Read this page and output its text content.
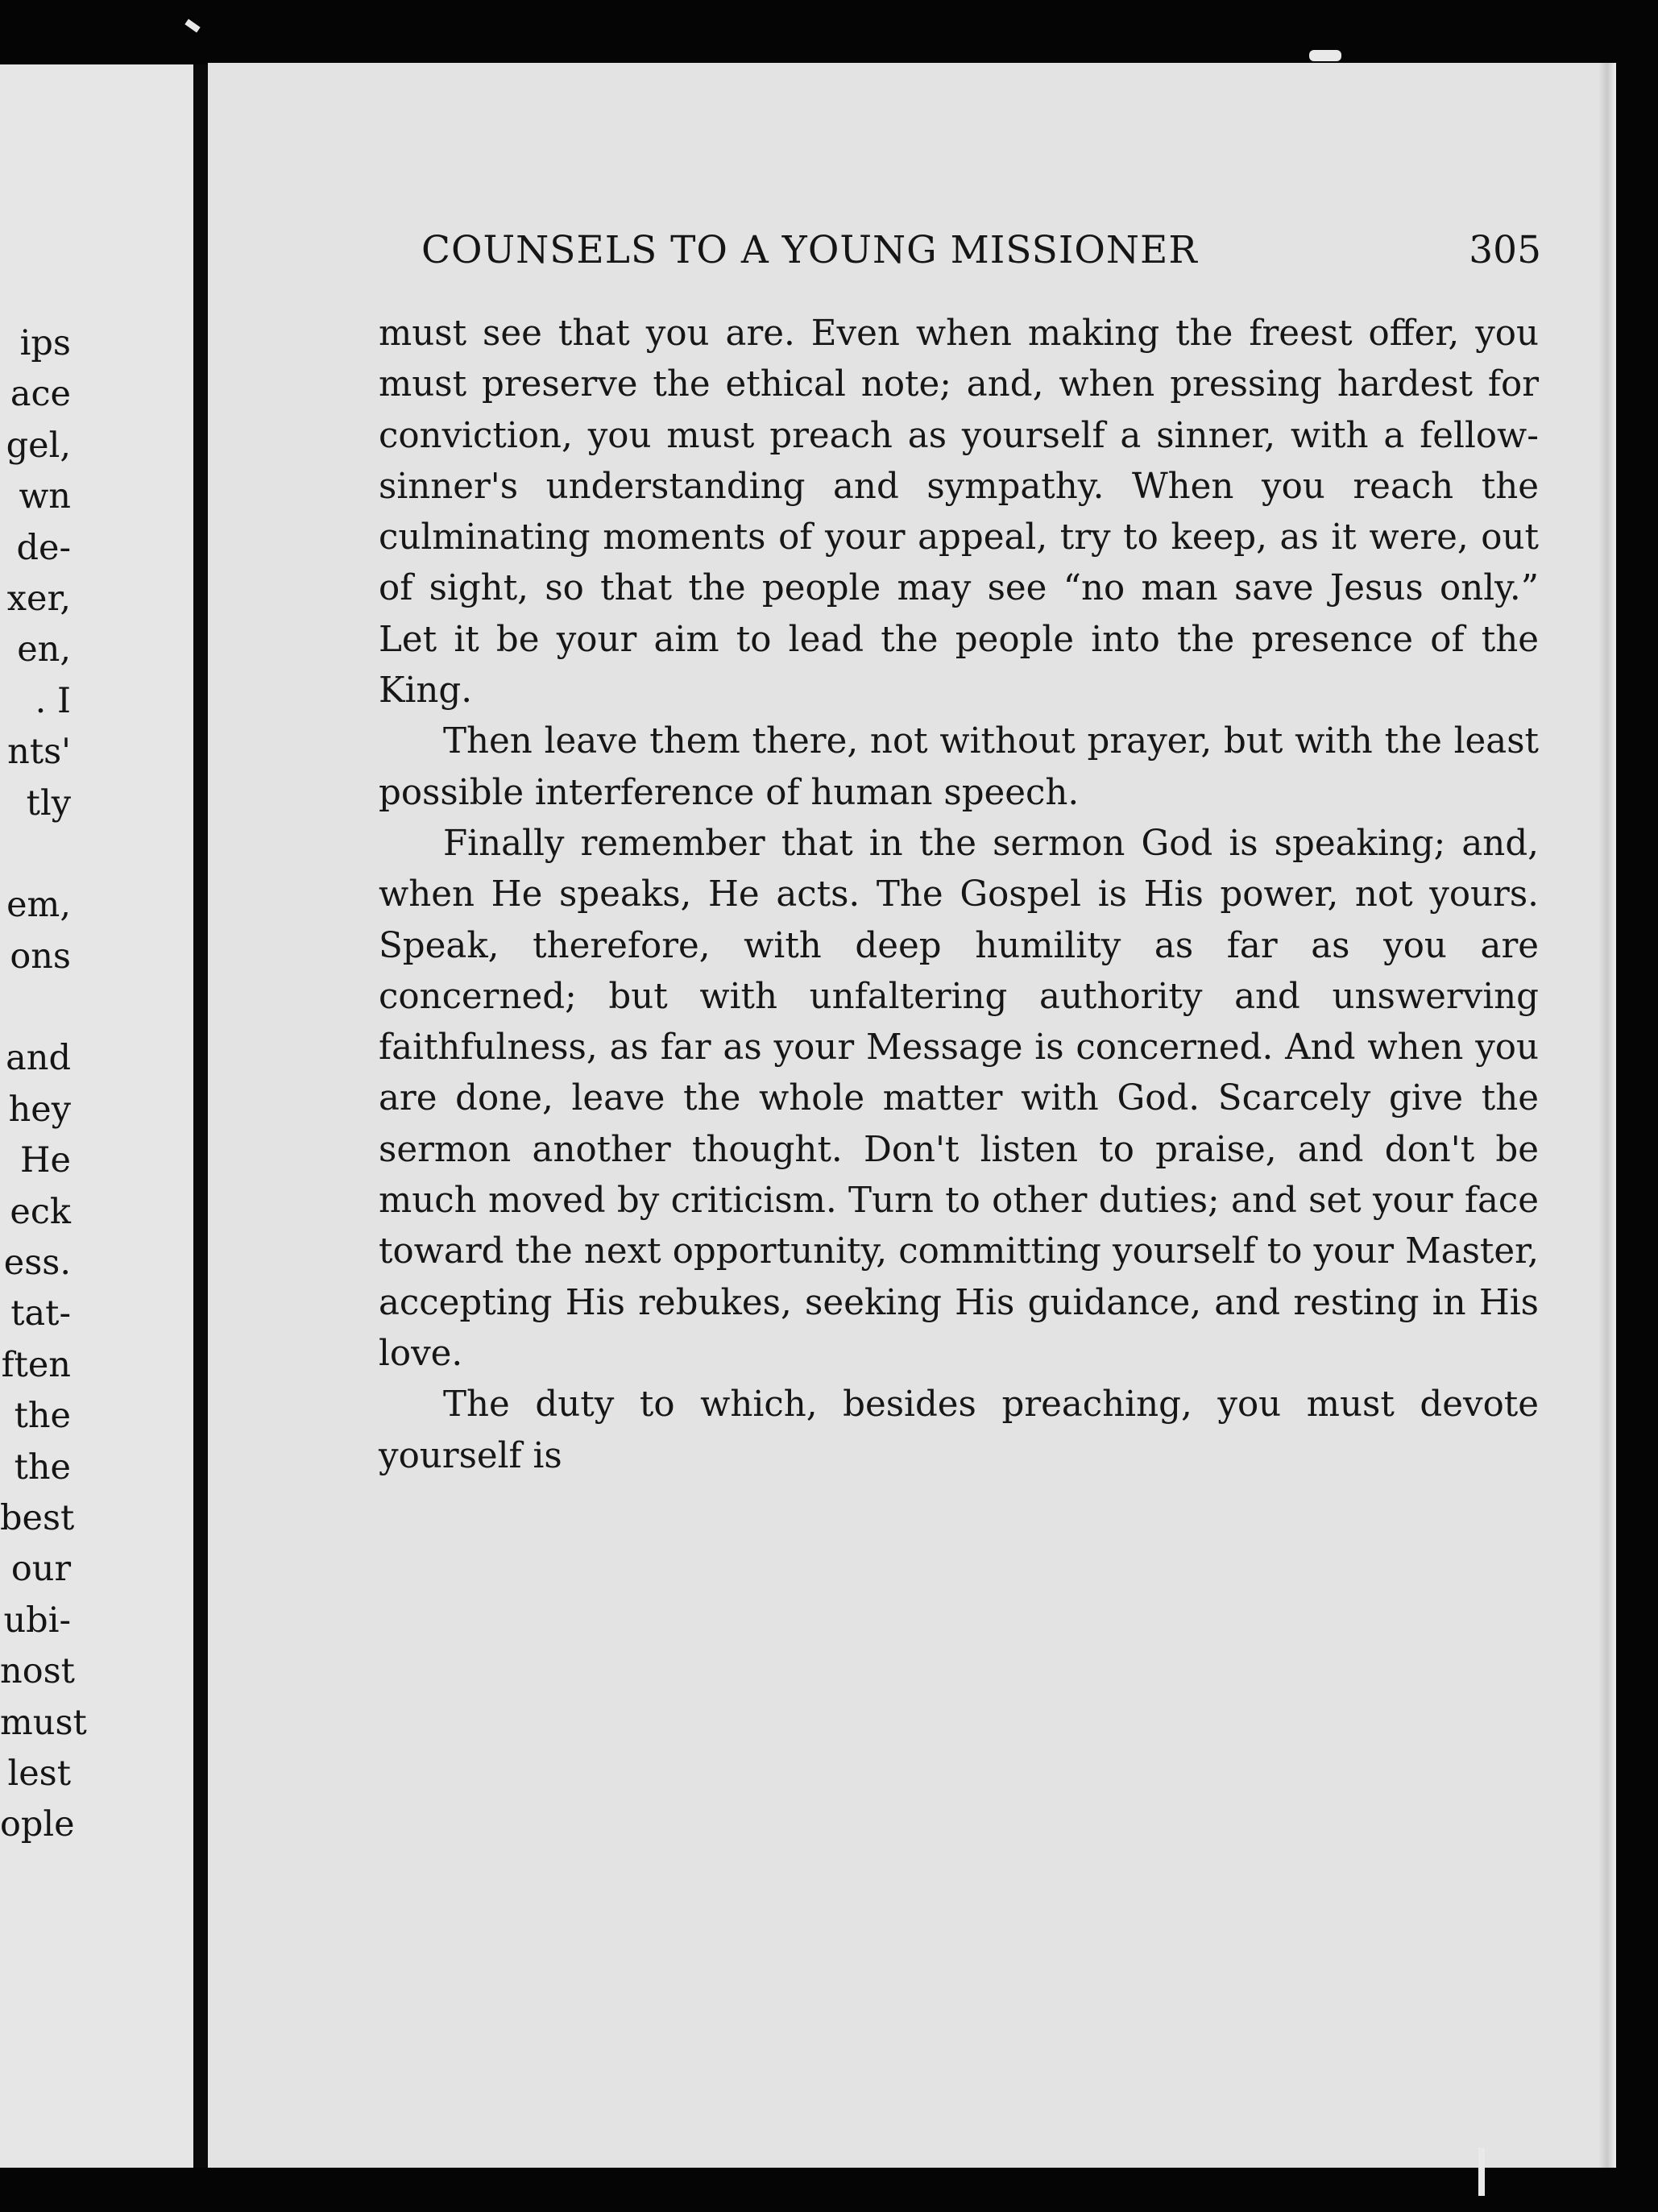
ips
ace
gel,
wn
de-
xer,
en,
. I
nts'
tly
em,
ons
and
hey
He
eck
ess.
tat-
ften
the
the
best
our
ubi-
nost
must
lest
ople
COUNSELS TO A YOUNG MISSIONER	305

must see that you are. Even when making the freest offer, you must preserve the ethical note; and, when pressing hardest for conviction, you must preach as yourself a sinner, with a fellow-sinner's understanding and sympathy. When you reach the culminating moments of your appeal, try to keep, as it were, out of sight, so that the people may see “no man save Jesus only.” Let it be your aim to lead the people into the presence of the King.

Then leave them there, not without prayer, but with the least possible interference of human speech.

Finally remember that in the sermon God is speaking; and, when He speaks, He acts. The Gospel is His power, not yours. Speak, therefore, with deep humility as far as you are concerned; but with unfaltering authority and unswerving faithfulness, as far as your Message is concerned. And when you are done, leave the whole matter with God. Scarcely give the sermon another thought. Don't listen to praise, and don't be much moved by criticism. Turn to other duties; and set your face toward the next opportunity, committing yourself to your Master, accepting His rebukes, seeking His guidance, and resting in His love.

The duty to which, besides preaching, you must devote yourself is
